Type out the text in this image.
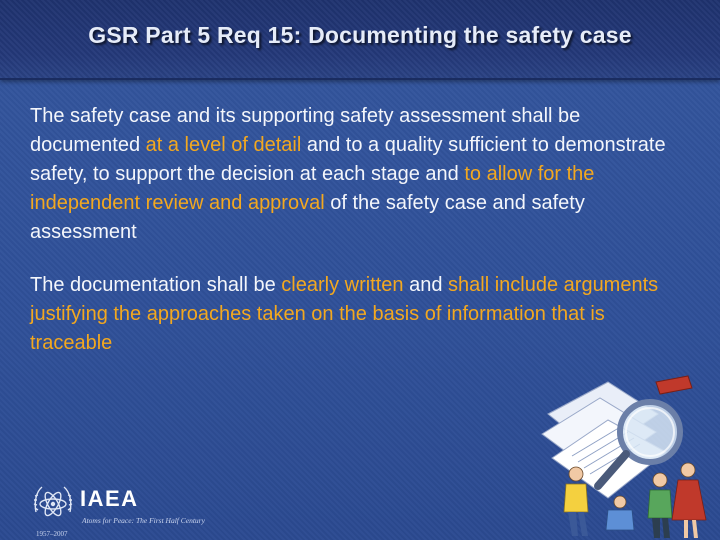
GSR Part 5 Req 15: Documenting the safety case

The safety case and its supporting safety assessment shall be documented at a level of detail and to a quality sufficient to demonstrate safety, to support the decision at each stage and to allow for the independent review and approval of the safety case and safety assessment

The documentation shall be clearly written and shall include arguments justifying the approaches taken on the basis of information that is traceable

IAEA
Atoms for Peace: The First Half Century
1957–2007
